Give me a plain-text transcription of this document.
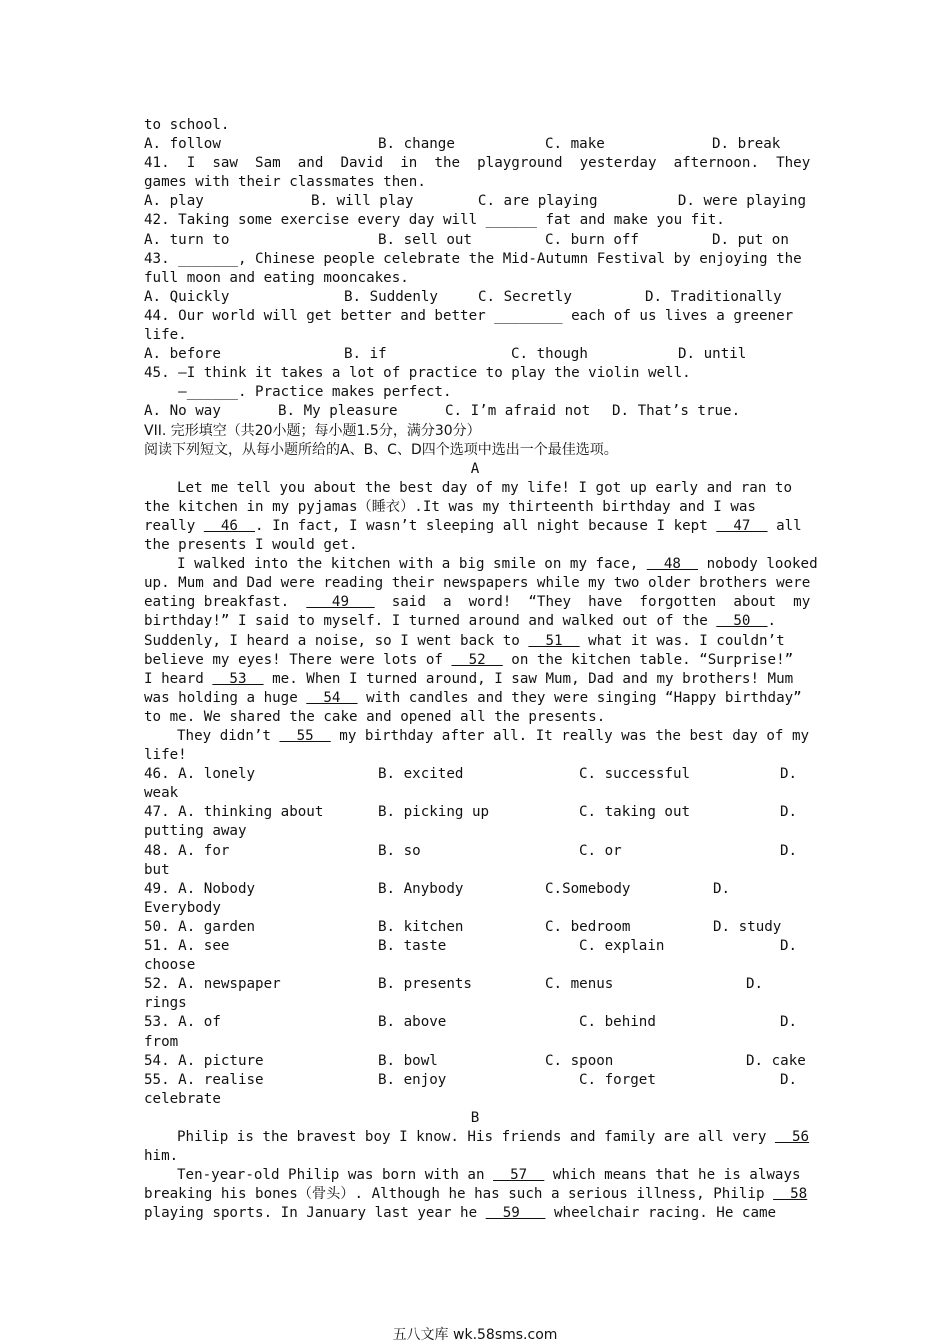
to school.
A. follow	B. change	C. make	D. break
41.  I  saw  Sam  and  David  in  the  playground  yesterday  afternoon.  They
games with their classmates then.
A. play	B. will play	C. are playing	D. were playing
42. Taking some exercise every day will ______ fat and make you fit.
A. turn to	B. sell out	C. burn off	D. put on
43. _______, Chinese people celebrate the Mid-Autumn Festival by enjoying the
full moon and eating mooncakes.
A. Quickly	B. Suddenly	C. Secretly	D. Traditionally
44. Our world will get better and better ________ each of us lives a greener
life.
A. before	B. if	C. though	D. until
45. —I think it takes a lot of practice to play the violin well.
—______. Practice makes perfect.
A. No way	B. My pleasure	C. I’m afraid not	D. That’s true.
VII. 完形填空（共20小题；每小题1.5分，满分30分）
阅读下列短文，从每小题所给的A、B、C、D四个选项中选出一个最佳选项。
A
Let me tell you about the best day of my life! I got up early and ran to
the kitchen in my pyjamas（睡衣）.It was my thirteenth birthday and I was
really   46  . In fact, I wasn’t sleeping all night because I kept   47   all
the presents I would get.
I walked into the kitchen with a big smile on my face,   48   nobody looked
up. Mum and Dad were reading their newspapers while my two older brothers were
eating breakfast.     49     said  a  word!  “They  have  forgotten  about  my
birthday!” I said to myself. I turned around and walked out of the   50  .
Suddenly, I heard a noise, so I went back to   51   what it was. I couldn’t
believe my eyes! There were lots of   52   on the kitchen table. “Surprise!”
I heard   53   me. When I turned around, I saw Mum, Dad and my brothers! Mum
was holding a huge   54   with candles and they were singing “Happy birthday”
to me. We shared the cake and opened all the presents.
They didn’t   55   my birthday after all. It really was the best day of my
life!
46. A. lonely	B. excited	C. successful	D.
weak
47. A. thinking about	B. picking up	C. taking out	D.
putting away
48. A. for	B. so	C. or	D.
but
49. A. Nobody	B. Anybody	C.Somebody	D.
Everybody
50. A. garden	B. kitchen	C. bedroom	D. study
51. A. see	B. taste	C. explain	D.
choose
52. A. newspaper	B. presents	C. menus	D.
rings
53. A. of	B. above	C. behind	D.
from
54. A. picture	B. bowl	C. spoon	D. cake
55. A. realise	B. enjoy	C. forget	D.
celebrate
B
Philip is the bravest boy I know. His friends and family are all very   56
him.
Ten-year-old Philip was born with an   57   which means that he is always
breaking his bones（骨头）. Although he has such a serious illness, Philip   58
playing sports. In January last year he   59    wheelchair racing. He came
五八文库 wk.58sms.com
